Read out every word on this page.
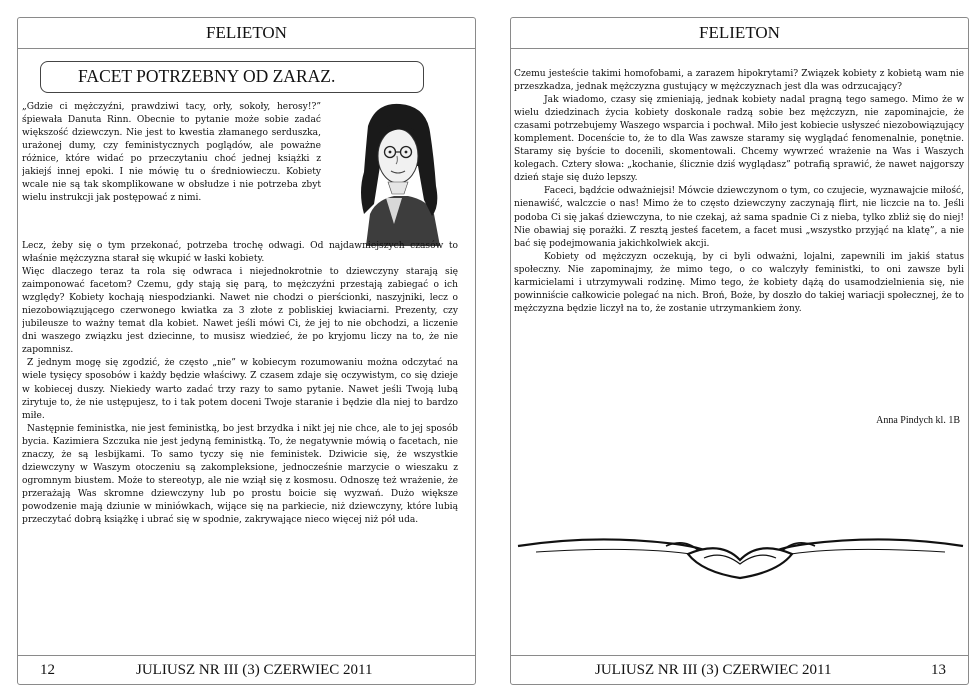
FELIETON
FACET POTRZEBNY OD ZARAZ.
„Gdzie ci mężczyźni, prawdziwi tacy, orły, sokoły, herosy!?” śpiewała Danuta Rinn. Obecnie to pytanie może sobie zadać większość dziewczyn. Nie jest to kwestia złamanego serduszka, urażonej dumy, czy feministycznych poglądów, ale poważne różnice, które widać po przeczytaniu choć jednej książki z jakiejś innej epoki. I nie mówię tu o średniowieczu. Kobiety wcale nie są tak skomplikowane w obsłudze i nie potrzeba zbyt wielu instrukcji jak postępować z nimi.

Lecz, żeby się o tym przekonać, potrzeba trochę odwagi. Od najdawniejszych czasów to właśnie mężczyzna starał się wkupić w łaski kobiety.

Więc dlaczego teraz ta rola się odwraca i niejednokrotnie to dziewczyny starają się zaimponować facetom? Czemu, gdy stają się parą, to mężczyźni przestają zabiegać o ich względy? Kobiety kochają niespodzianki. Nawet nie chodzi o pierścionki, naszyjniki, lecz o niezobowiązującego czerwonego kwiatka za 3 złote z pobliskiej kwiaciarni. Prezenty, czy jubileusze to ważny temat dla kobiet. Nawet jeśli mówi Ci, że jej to nie obchodzi, a liczenie dni waszego związku jest dziecinne, to musisz wiedzieć, że po kryjomu liczy na to, że nie zapomnisz.

Z jednym mogę się zgodzić, że często „nie” w kobiecym rozumowaniu można odczytać na wiele tysięcy sposobów i każdy będzie właściwy. Z czasem zdaje się oczywistym, co się dzieje w kobiecej duszy. Niekiedy warto zadać trzy razy to samo pytanie. Nawet jeśli Twoją lubą zirytuje to, że nie ustępujesz, to i tak potem doceni Twoje staranie i będzie dla niej to bardzo miłe.

Następnie feministka, nie jest feministką, bo jest brzydka i nikt jej nie chce, ale to jej sposób bycia. Kazimiera Szczuka nie jest jedyną feministką. To, że negatywnie mówią o facetach, nie znaczy, że są lesbijkami. To samo tyczy się nie feministek. Dziwicie się, że wszystkie dziewczyny w Waszym otoczeniu są zakompleksione, jednocześnie marzycie o wieszaku z ogromnym biustem. Może to stereotyp, ale nie wziął się z kosmosu. Odnoszę też wrażenie, że przerażają Was skromne dziewczyny lub po prostu boicie się wyzwań. Dużo większe powodzenie mają dziunie w miniówkach, wijące się na parkiecie, niż dziewczyny, które lubią przeczytać dobrą książkę i ubrać się w spodnie, zakrywające nieco więcej niż pół uda.

12	JULIUSZ NR III (3) CZERWIEC 2011
FELIETON

Czemu jesteście takimi homofobami, a zarazem hipokrytami? Związek kobiety z kobietą wam nie przeszkadza, jednak mężczyzna gustujący w mężczyznach jest dla was odrzucający?

Jak wiadomo, czasy się zmieniają, jednak kobiety nadal pragną tego samego. Mimo że w wielu dziedzinach życia kobiety doskonale radzą sobie bez mężczyzn, nie zapominajcie, że czasami potrzebujemy Waszego wsparcia i pochwał. Miło jest kobiecie usłyszeć niezobowiązujący komplement. Docenście to, że to dla Was zawsze staramy się wyglądać fenomenalnie, ponętnie. Staramy się byście to docenili, skomentowali. Chcemy wywrzeć wrażenie na Was i Waszych kolegach. Cztery słowa: „kochanie, ślicznie dziś wyglądasz” potrafią sprawić, że nawet najgorszy dzień staje się dużo lepszy.

Faceci, bądźcie odważniejsi! Mówcie dziewczynom o tym, co czujecie, wyznawajcie miłość, nienawiść, walczcie o nas! Mimo że to często dziewczyny zaczynają flirt, nie liczcie na to. Jeśli podoba Ci się jakaś dziewczyna, to nie czekaj, aż sama spadnie Ci z nieba, tylko zbliż się do niej! Nie obawiaj się porażki. Z resztą jesteś facetem, a facet musi „wszystko przyjąć na klatę”, a nie bać się podejmowania jakichkolwiek akcji.

Kobiety od mężczyzn oczekują, by ci byli odważni, lojalni, zapewnili im jakiś status społeczny. Nie zapominajmy, że mimo tego, o co walczyły feministki, to oni zawsze byli karmicielami i utrzymywali rodzinę. Mimo tego, że kobiety dążą do usamodzielnienia się, nie powinniście całkowicie polegać na nich. Broń, Boże, by doszło do takiej wariacji społecznej, że to mężczyzna będzie liczył na to, że zostanie utrzymankiem żony.

Anna Pindych kl. 1B
JULIUSZ NR III (3) CZERWIEC 2011	13
